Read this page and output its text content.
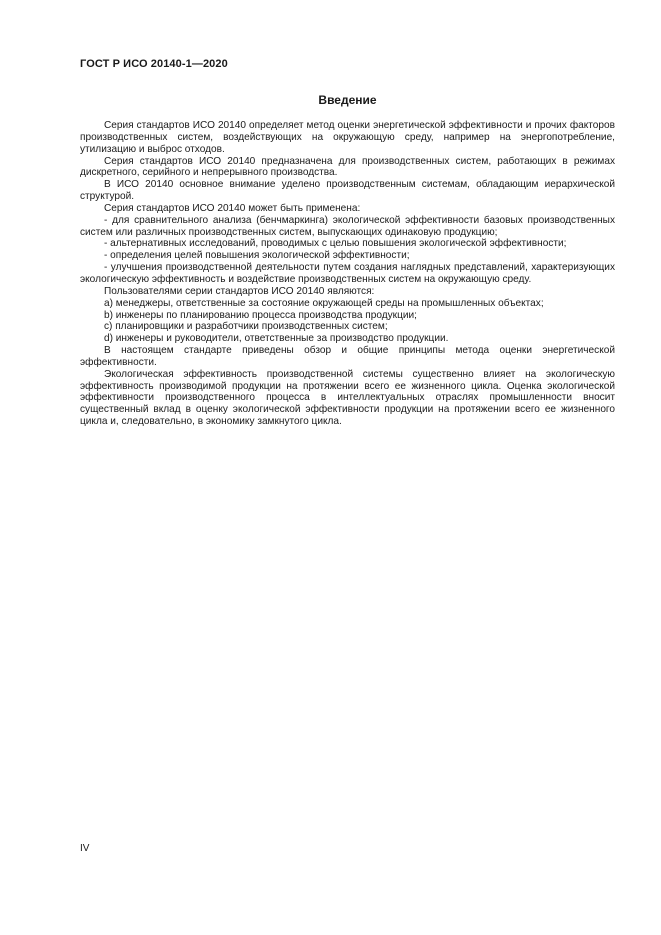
ГОСТ Р ИСО 20140-1—2020
Введение

Серия стандартов ИСО 20140 определяет метод оценки энергетической эффективности и прочих факторов производственных систем, воздействующих на окружающую среду, например на энергопотребление, утилизацию и выброс отходов.

Серия стандартов ИСО 20140 предназначена для производственных систем, работающих в режимах дискретного, серийного и непрерывного производства.

В ИСО 20140 основное внимание уделено производственным системам, обладающим иерархической структурой.

Серия стандартов ИСО 20140 может быть применена:

- для сравнительного анализа (бенчмаркинга) экологической эффективности базовых производственных систем или различных производственных систем, выпускающих одинаковую продукцию;

- альтернативных исследований, проводимых с целью повышения экологической эффективности;

- определения целей повышения экологической эффективности;

- улучшения производственной деятельности путем создания наглядных представлений, характеризующих экологическую эффективность и воздействие производственных систем на окружающую среду.

Пользователями серии стандартов ИСО 20140 являются:

a) менеджеры, ответственные за состояние окружающей среды на промышленных объектах;

b) инженеры по планированию процесса производства продукции;

c) планировщики и разработчики производственных систем;

d) инженеры и руководители, ответственные за производство продукции.

В настоящем стандарте приведены обзор и общие принципы метода оценки энергетической эффективности.

Экологическая эффективность производственной системы существенно влияет на экологическую эффективность производимой продукции на протяжении всего ее жизненного цикла. Оценка экологической эффективности производственного процесса в интеллектуальных отраслях промышленности вносит существенный вклад в оценку экологической эффективности продукции на протяжении всего ее жизненного цикла и, следовательно, в экономику замкнутого цикла.

IV
